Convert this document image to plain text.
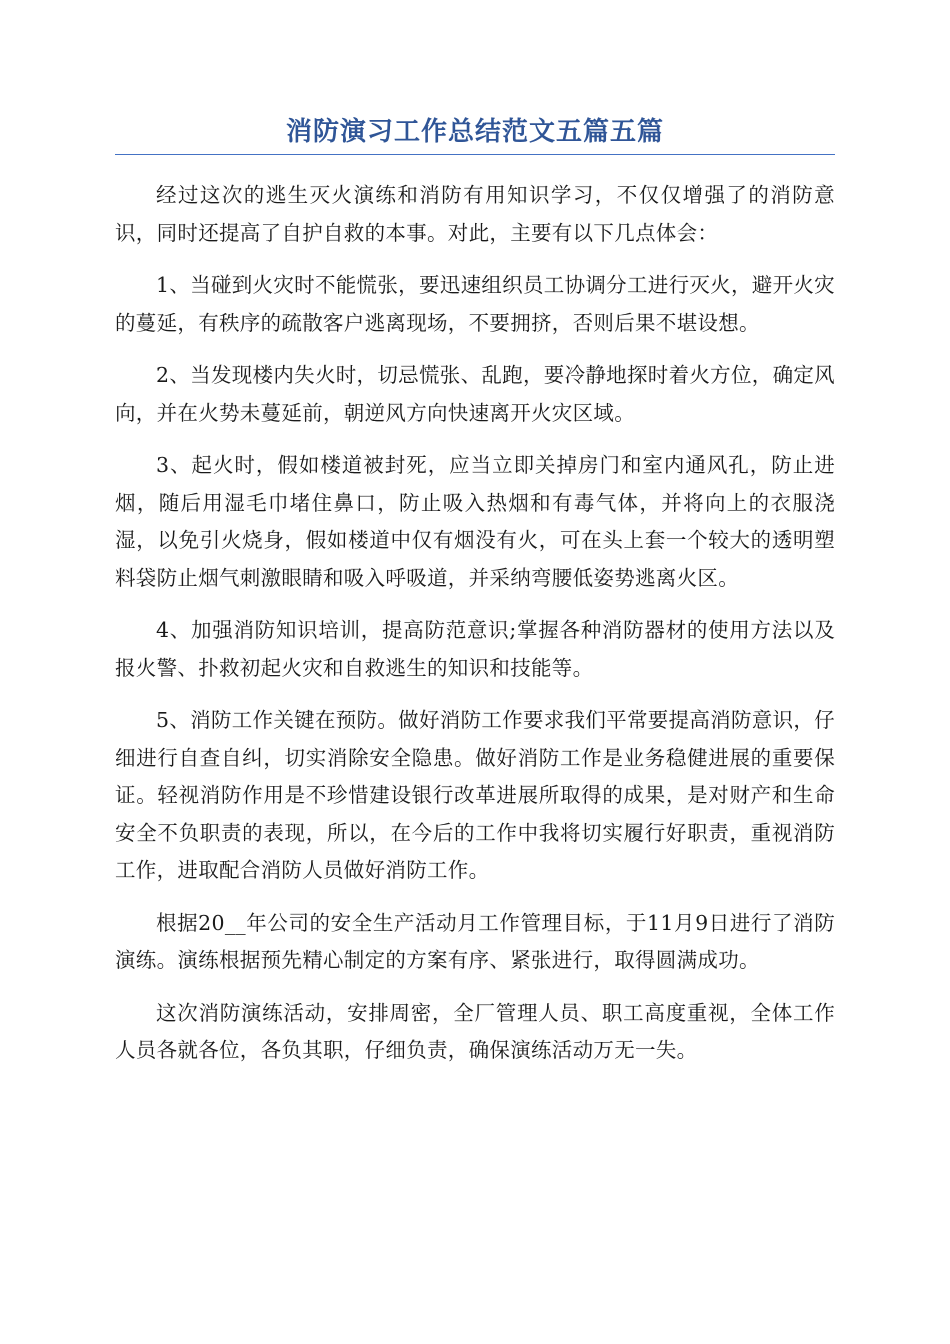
消防演习工作总结范文五篇五篇

经过这次的逃生灭火演练和消防有用知识学习，不仅仅增强了的消防意识，同时还提高了自护自救的本事。对此，主要有以下几点体会：

1、当碰到火灾时不能慌张，要迅速组织员工协调分工进行灭火，避开火灾的蔓延，有秩序的疏散客户逃离现场，不要拥挤，否则后果不堪设想。

2、当发现楼内失火时，切忌慌张、乱跑，要冷静地探时着火方位，确定风向，并在火势未蔓延前，朝逆风方向快速离开火灾区域。

3、起火时，假如楼道被封死，应当立即关掉房门和室内通风孔，防止进烟，随后用湿毛巾堵住鼻口，防止吸入热烟和有毒气体，并将向上的衣服浇湿，以免引火烧身，假如楼道中仅有烟没有火，可在头上套一个较大的透明塑料袋防止烟气刺激眼睛和吸入呼吸道，并采纳弯腰低姿势逃离火区。

4、加强消防知识培训，提高防范意识;掌握各种消防器材的使用方法以及报火警、扑救初起火灾和自救逃生的知识和技能等。

5、消防工作关键在预防。做好消防工作要求我们平常要提高消防意识，仔细进行自查自纠，切实消除安全隐患。做好消防工作是业务稳健进展的重要保证。轻视消防作用是不珍惜建设银行改革进展所取得的成果，是对财产和生命安全不负职责的表现，所以，在今后的工作中我将切实履行好职责，重视消防工作，进取配合消防人员做好消防工作。

根据20__年公司的安全生产活动月工作管理目标，于11月9日进行了消防演练。演练根据预先精心制定的方案有序、紧张进行，取得圆满成功。

这次消防演练活动，安排周密，全厂管理人员、职工高度重视，全体工作人员各就各位，各负其职，仔细负责，确保演练活动万无一失。
